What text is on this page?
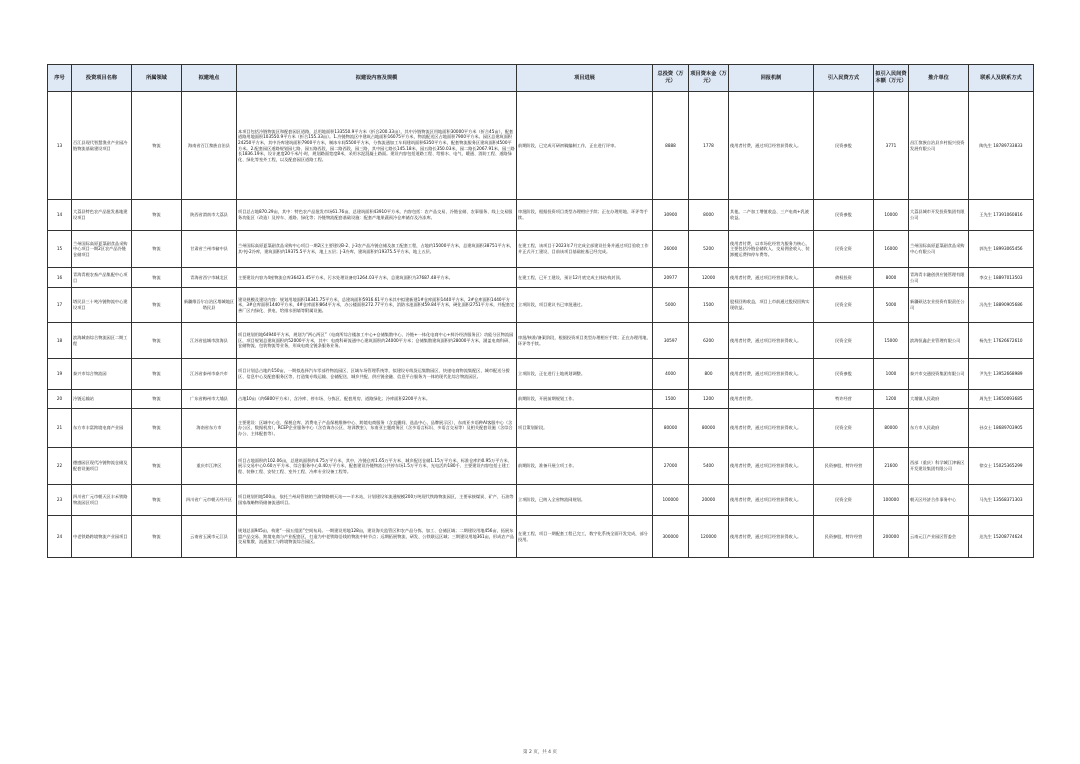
序号	投资项目名称	所属领域	拟建地点	拟建设内容及规模	项目进展	总投资（万元）	项目资本金（万元）	回报机制	引入民资方式	拟引入民间资本额（万元）	推介单位	联系人及联系方式
13	百江县现代智慧渔业产业园冷链物流基础建设项目	物流	海南省百江黎族自治县	本项目包括冷链物流区和配套园区道路，总用地面积133550.9平方米（折合200.33亩），其中冷链物流区用地面积30000平方米（折合45亩），配套道路用地面积103550.9平方米（折合155.33亩）。1.冷链物流区中建筑占地面积16075平方米，物流配送区占地面积7900平方米。园区总建筑面积24250平方米，其中冷库建筑面积7900平方米，制冰车间5500平方米，分拣流通加工车间建筑面积6350平方米，配套物流服务区建筑面积4500平方米。2.配套园区道路规划园七路、园五路西段、园二路西段、园三路，其中园七路长145.18米，园五路长350.03米，园二路长2067.91米，园三路长1836.19米，设计速度20千米/小时，规划路面宽度8米，采用水泥混凝土路面。建设内容包括道路工程、给排水、电气、暖通、消防工程、道路绿化、绿化等室外工程，以及配套园区道路工程。	前期阶段，已完成可研初稿编制工作，正在进行评审。	8888	1778	使用者付费，通过项目经营获得收入。	民资参股	3771	昌江黎族自治县乡村振兴投资发展有限公司	陶先生 18789733833
14	大荔县特色农产品批发基地建设项目	物流	陕西省渭南市大荔县	项目总占地870.29亩，其中：特色农产品批发市场61.76亩，总建筑面积43910平方米，内容包括：农产品交易、冷链仓储、农事服务、线上交易服务功能区（改造）及停车、道路、绿化等；冷链物流配套基础设施：配套产地果蔬预冷仓库储存及冷冻库。	审批阶段，根据投资项目类型办理相应手续；正在办理用地、环评等手续。	30900	8000	其他，二产加工增值收益、三产电商+乳液收益。	民资参股	10000	大荔县城市开发投资集团有限公司	王先生 17391060816
15	兰州国际高原夏菜副食品采购中心项目一期2区农产品冷链仓储项目	物流	甘肃省兰州市榆中县	兰州国际高原夏菜副食品采购中心项目一期2区主要建设B-2、J-3农产品冷链仓储及加工配套工程，占地约15000平方米，总建筑面积38751平方米，其中J-2冷库，建筑面积约19375.5平方米，地上五层；J-3冷库，建筑面积约19375.5平方米，地上五层。	在建工程，该项目于2023年7月完成全部建设任务并通过项目验收工作并正式开工建设，目前该项目基础桩基已经完成。	26000	5200	使用者付费，以市场化经营为服务为核心，主要包括冷链仓储收入、交易佣金收入、装卸搬运费和停车费等。	民资全资	16000	兰州国际高原夏菜副食品采购中心有限公司	郭先生 18993065456
16	青海青税农畜产品集配中心项目	物流	青海省西宁市城北区	主要建设内容为4座物流仓库36423.45平方米，污水处理设备房1264.03平方米，总建筑面积为37687.48平方米。	在建工程，已开工建设，预计12月底完成主体结构封顶。	20977	12000	使用者付费，通过项目经营获得收入。	债权投资	8000	青海青丰融创供应链管理有限公司	李女士 18897013503
17	塔民县三十吨冷链物流中心建设项目	物流	新疆维吾尔自治区塔城地区塔民县	建设规模及建设内容：规划用地面积18341.75平方米，总建筑面积5916.61平方米其中拟建新建1#仓库面积1440平方米，2#仓库面积1440平方米，3#仓库面积1440平方米，4#仓库面积864平方米，办公楼面积272.77平方米，消防水池面积459.84平方米，硬化面积2751平方米，并配套完善厂区内绿化、供电、给排水围墙等附属设施。	立项阶段，项目建议书已审批通过。	5000	1500	股权回购收益，项目上市前通过股权回购实现收益。	民资全资	5000	新疆硕达农业投资有限责任公司	冯先生 18890905686
18	滨海城南综合物流园区二期工程	物流	江苏省盐城市滨海县	项目规划用地64940平方米，规划为“两心两区”（电商所综合楼加工中心+仓储集散中心、冷链+一体化电商中心+鲜冷经济服务区）功能分区物流园区，项目规划总建筑面积约52000平方米，其中：电商科研流通中心建筑面积约24000平方米；仓储集散建筑面积约28000平方米，涵盖电商科研、仓储物流、包装物流等业务，形成电商全链条服务业务。	审批/核准/备案阶段，根据投资项目类型办理相应手续；正在办理用地、环评等手续。	30597	6200	使用者付费，通过项目经营获得收入。	民资全资	15000	滨海恒鑫企业管理有限公司	杨先生 17626672610
19	泰兴市综合物流园	物流	江苏省泰州市泰兴市	项目计划总占地约150亩，一期拟选择汽车零部件物流园区、区域车场管理系统等，拟建设专线货运集散园区、快递电商物流集配区、城市配送分拨区、信息中心及配套服务区等，打造集专线运输、仓储配送、城乡共配、供应链金融、信息平台服务为一体的现代化综合物流园区。	立项阶段，正在进行土地规划调整。	4000	800	使用者付费，通过项目经营获得收入。	民资参股	1000	泰兴市交通投资集团有限公司	尹先生 13952668989
20	冷链运输站	物流	广东省梅州市大埔县	占地10亩（约6800平方米），含冷库、停车场、分拣区、配套用房、道路绿化；冷库面积2200平方米。	前期阶段，开展前期规划工作。	1500	1200	使用者付费。	特许经营	1200	大埔镇人民政府	周先生 13650093685
21	东方市丰富跨境电商产业园	物流	海南省东方市	主要建设：区域中心仓、保税仓库、消费电子产品保税维修中心、跨境电商服务（含直播间、选品中心、品牌展示区），东南亚多语种AI客服中心（含办公区、数据机房），RCEP企业服务中心（含咨询办公区、培训教室），东南亚主题商务区（含多语言标识、多语言交易等）及相关配套设施（含综合办公、主体配套等）。	项目策划阶段。	80000	80000	使用者付费，通过项目经营获得收入。	民资全资	80000	东方市人民政府	孙女士 18689703905
22	德感园区现代冷链物流仓储及配套设施项目	物流	重庆市江津区	项目占地面积约102.06亩，总建筑面积约4.75万平方米，其中，冷链仓库1.65万平方米、城乡配送仓储1.15万平方米、标准仓库约0.95万平方米、展示交易中心0.60万平方米、综合服务中心0.40万平方米，配套建设冷链物流公共停车场1.5万平方米、光电活约180千、主要建设内容包括土建工程、装修工程、安装工程、室外工程、冷库专业设备工程等。	前期阶段，准备开展立项工作。	27000	5400	使用者付费，通过项目经营获得收入。	民资参股、特许经营	21600	西部（重庆）科学城江津新区开发建设集团有限公司	徐女士 15025365299
23	四川省广元市朝天区丰禾铁路物流园区项目	物流	四川省广元市朝天经开区	项目规划用地500亩，依托兰州局管辖的兰渝铁路朝天站——羊木站，计划建设年流通规模200万吨现代铁路物流园区，主要承接煤炭、矿产、石油等国家战略物资储备流通项目。	立项阶段，已纳入全省物流网规划。	100000	20000	使用者付费，通过项目经营获得收入。	民资全资	100000	朝天区经济合作事务中心	马先生 13568371303
24	中老铁路跨境物流产业园项目	物流	云南省玉溪市元江县	规划总面945亩，构建“一园五组团”空间布局。一期建设用地128亩，建设海关监管区和农产品分拣、加工、仓储区域；二期建设用地456亩，拓展东盟产品交易、跨境电商与产业配套区，打造为中老铁路沿线的物流中转节点；远期拓展物流、研发、公铁联运区域；三期建设用地361亩，形成农产品交易集散、流通加工与跨境物流综合园区。	在建工程，项目一期配套工程已完工，数字化系统全面开发完成，部分投用。	300000	120000	使用者付费，通过项目经营获得收入。	民资参股、特许经营	200000	云南元江产业园区管委会	达先生 15208774624
第 2 页，共 4 页
